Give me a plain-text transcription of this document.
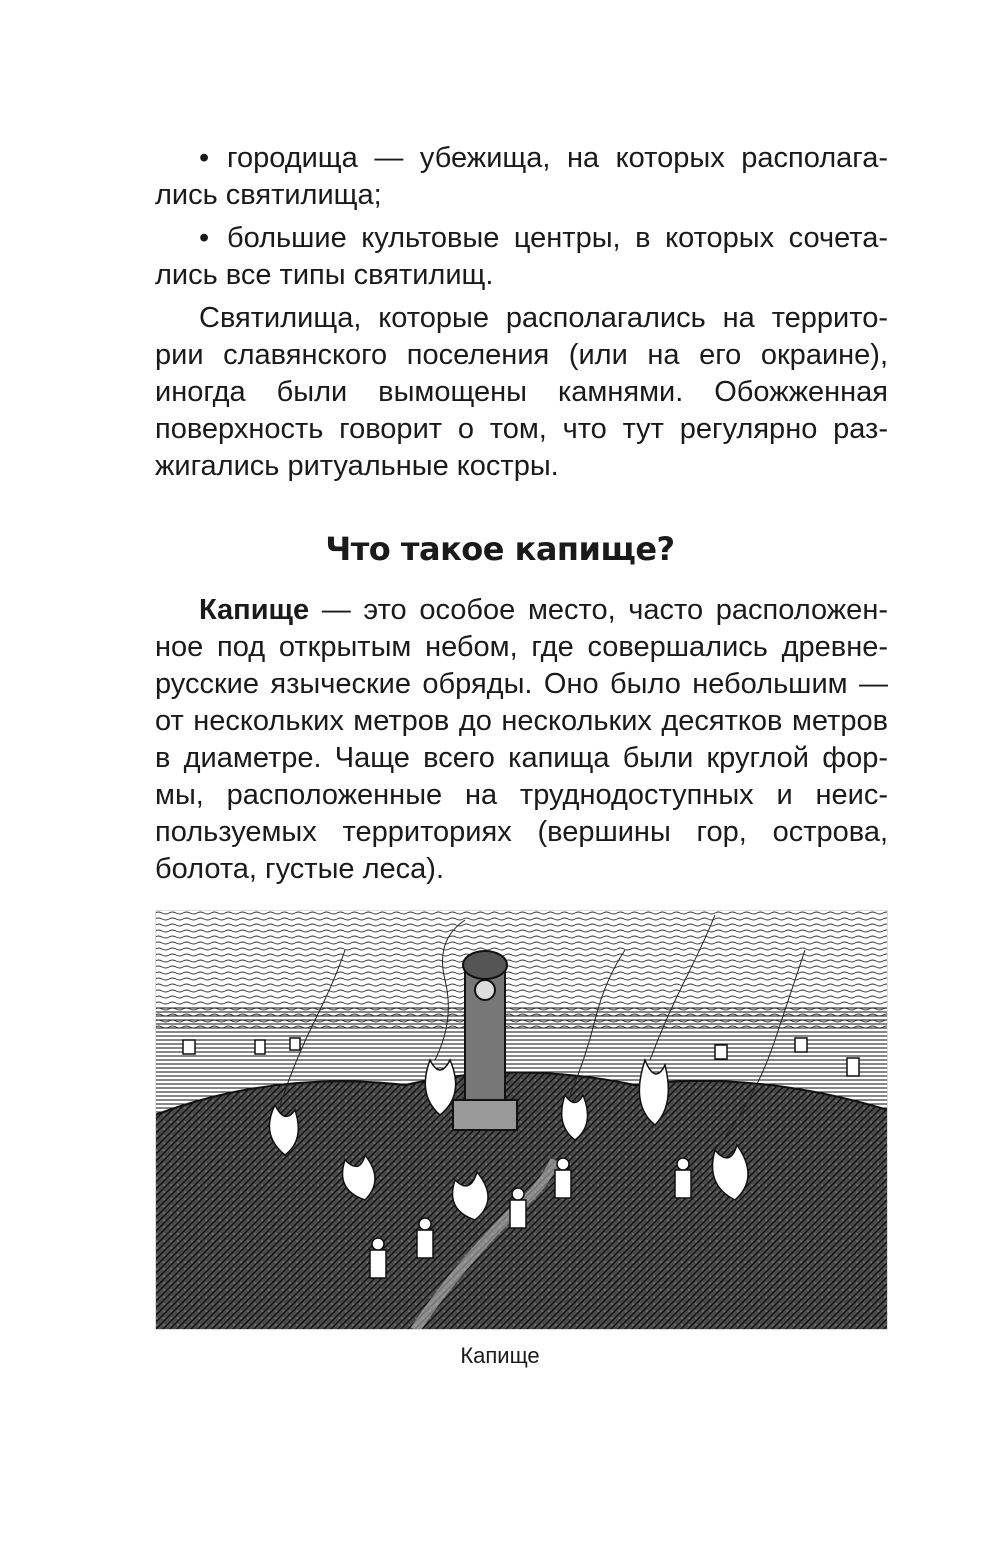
• городища — убежища, на которых располага-
лись святилища;
• большие культовые центры, в которых сочета-
лись все типы святилищ.
Святилища, которые располагались на террито-
рии славянского поселения (или на его окраине),
иногда были вымощены камнями. Обожженная
поверхность говорит о том, что тут регулярно раз-
жигались ритуальные костры.
Что такое капище?
Капище — это особое место, часто расположен-
ное под открытым небом, где совершались древне-
русские языческие обряды. Оно было небольшим —
от нескольких метров до нескольких десятков метров
в диаметре. Чаще всего капища были круглой фор-
мы, расположенные на труднодоступных и неис-
пользуемых территориях (вершины гор, острова,
болота, густые леса).
Капище
